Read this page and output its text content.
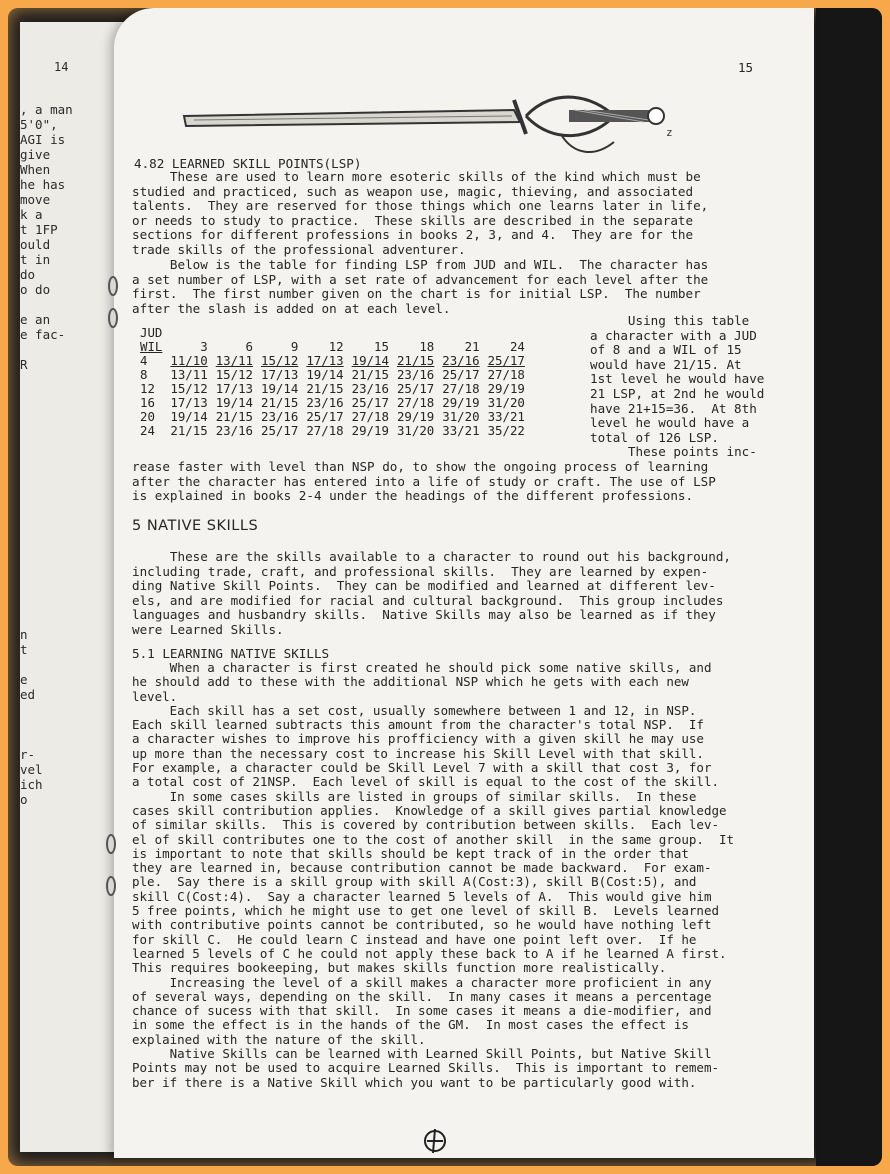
14
, a man
5'0",
AGI is
give
When
he has
move
k a
t 1FP
ould
t in
do
o do
e an
e fac-
R
n
t
e
ed
r-
vel
ich
o
15
z
4.82 LEARNED SKILL POINTS(LSP)
These are used to learn more esoteric skills of the kind which must be
studied and practiced, such as weapon use, magic, thieving, and associated
talents.  They are reserved for those things which one learns later in life,
or needs to study to practice.  These skills are described in the separate
sections for different professions in books 2, 3, and 4.  They are for the
trade skills of the professional adventurer.
Below is the table for finding LSP from JUD and WIL.  The character has
a set number of LSP, with a set rate of advancement for each level after the
first.  The first number given on the chart is for initial LSP.  The number
after the slash is added on at each level.
JUD								
WIL	3	6	9	12	15	18	21	24
4	11/10	13/11	15/12	17/13	19/14	21/15	23/16	25/17
8	13/11	15/12	17/13	19/14	21/15	23/16	25/17	27/18
12	15/12	17/13	19/14	21/15	23/16	25/17	27/18	29/19
16	17/13	19/14	21/15	23/16	25/17	27/18	29/19	31/20
20	19/14	21/15	23/16	25/17	27/18	29/19	31/20	33/21
24	21/15	23/16	25/17	27/18	29/19	31/20	33/21	35/22
Using this table
a character with a JUD
of 8 and a WIL of 15
would have 21/15. At
1st level he would have
21 LSP, at 2nd he would
have 21+15=36.  At 8th
level he would have a
total of 126 LSP.
These points inc-
rease faster with level than NSP do, to show the ongoing process of learning
after the character has entered into a life of study or craft. The use of LSP
is explained in books 2-4 under the headings of the different professions.
5 NATIVE SKILLS
These are the skills available to a character to round out his background,
including trade, craft, and professional skills.  They are learned by expen-
ding Native Skill Points.  They can be modified and learned at different lev-
els, and are modified for racial and cultural background.  This group includes
languages and husbandry skills.  Native Skills may also be learned as if they
were Learned Skills.
5.1 LEARNING NATIVE SKILLS
When a character is first created he should pick some native skills, and
he should add to these with the additional NSP which he gets with each new
level.
Each skill has a set cost, usually somewhere between 1 and 12, in NSP.
Each skill learned subtracts this amount from the character's total NSP.  If
a character wishes to improve his profficiency with a given skill he may use
up more than the necessary cost to increase his Skill Level with that skill.
For example, a character could be Skill Level 7 with a skill that cost 3, for
a total cost of 21NSP.  Each level of skill is equal to the cost of the skill.
In some cases skills are listed in groups of similar skills.  In these
cases skill contribution applies.  Knowledge of a skill gives partial knowledge
of similar skills.  This is covered by contribution between skills.  Each lev-
el of skill contributes one to the cost of another skill  in the same group.  It
is important to note that skills should be kept track of in the order that
they are learned in, because contribution cannot be made backward.  For exam-
ple.  Say there is a skill group with skill A(Cost:3), skill B(Cost:5), and
skill C(Cost:4).  Say a character learned 5 levels of A.  This would give him
5 free points, which he might use to get one level of skill B.  Levels learned
with contributive points cannot be contributed, so he would have nothing left
for skill C.  He could learn C instead and have one point left over.  If he
learned 5 levels of C he could not apply these back to A if he learned A first.
This requires bookeeping, but makes skills function more realistically.
Increasing the level of a skill makes a character more proficient in any
of several ways, depending on the skill.  In many cases it means a percentage
chance of sucess with that skill.  In some cases it means a die-modifier, and
in some the effect is in the hands of the GM.  In most cases the effect is
explained with the nature of the skill.
Native Skills can be learned with Learned Skill Points, but Native Skill
Points may not be used to acquire Learned Skills.  This is important to remem-
ber if there is a Native Skill which you want to be particularly good with.
